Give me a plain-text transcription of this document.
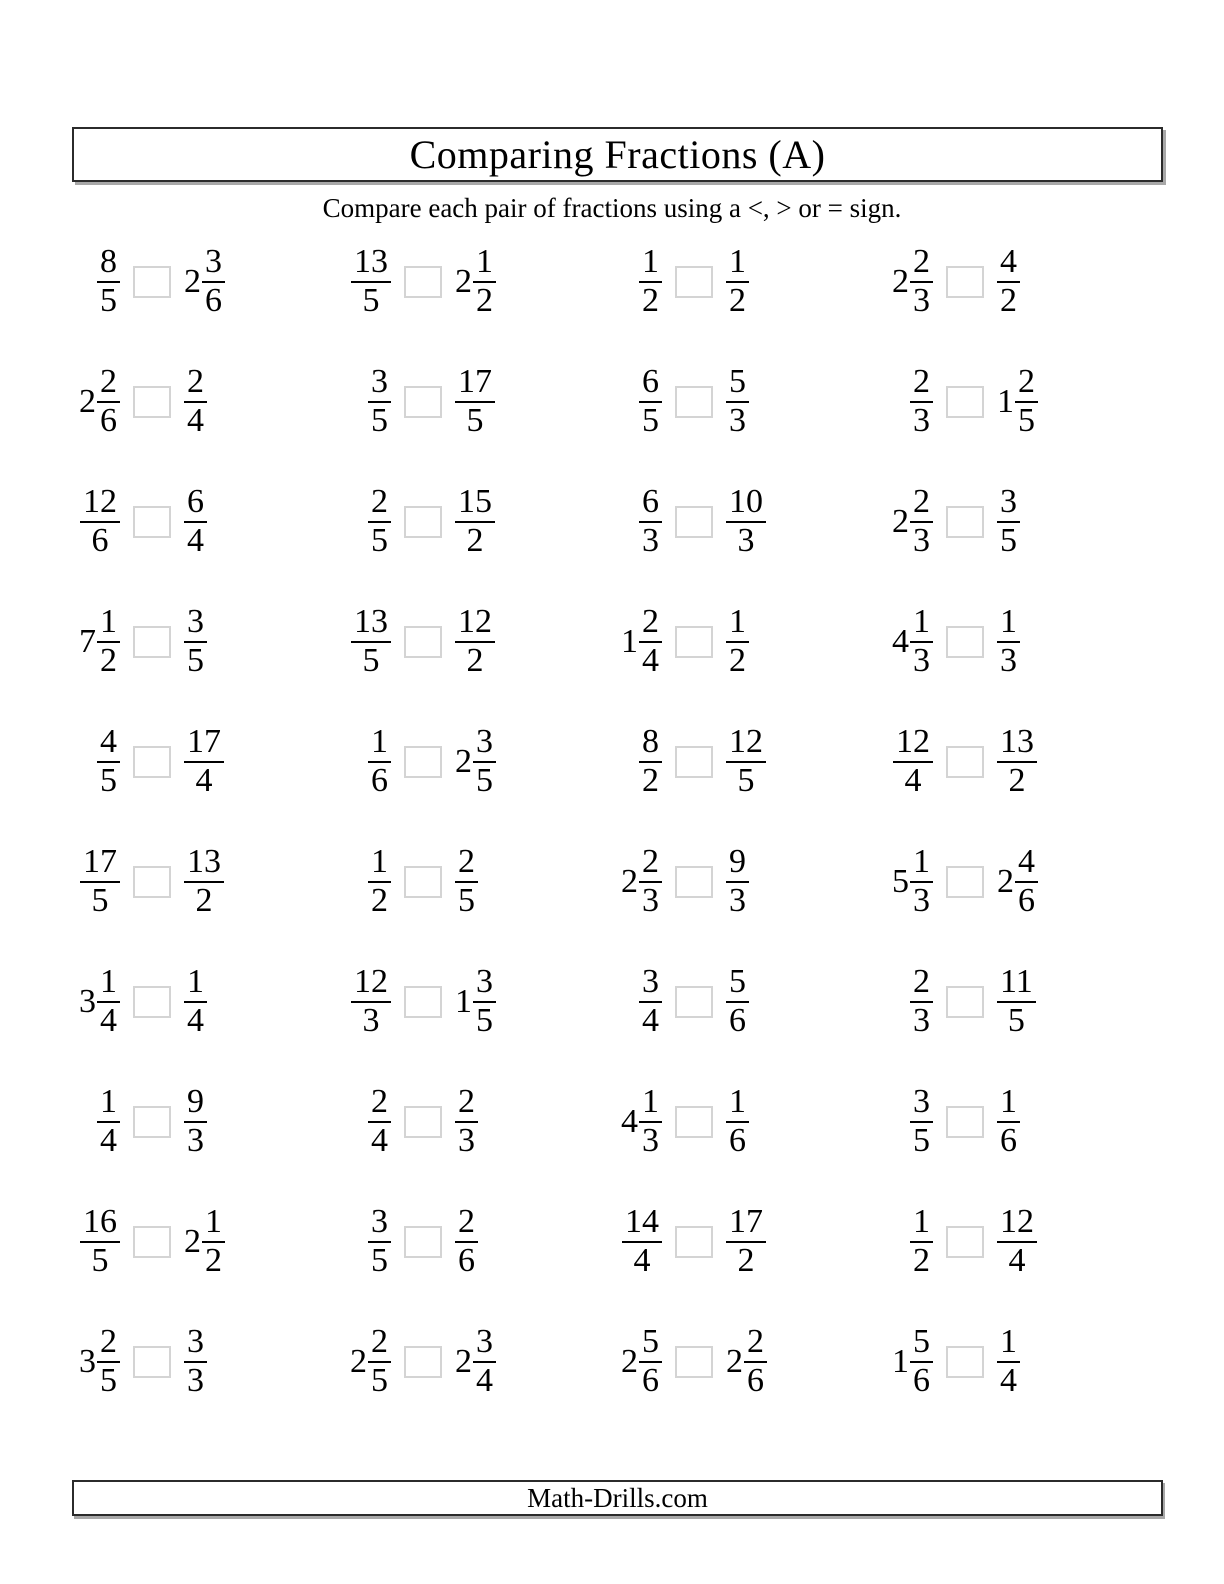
Comparing Fractions (A)

Compare each pair of fractions using a <, > or = sign.

$\frac{8}{5} 2 \frac{3}{6}$	$\frac{13}{5} 2 \frac{1}{2}$	$\frac{1}{2} \frac{1}{2}$	$2 \frac{2}{3} \frac{4}{2}$
$2 \frac{2}{6} \frac{2}{4}$	$\frac{3}{5} \frac{17}{5}$	$\frac{6}{5} \frac{5}{3}$	$\frac{2}{3} 1 \frac{2}{5}$
$\frac{12}{6} \frac{6}{4}$	$\frac{2}{5} \frac{15}{2}$	$\frac{6}{3} \frac{10}{3}$	$2 \frac{2}{3} \frac{3}{5}$
$7 \frac{1}{2} \frac{3}{5}$	$\frac{13}{5} \frac{12}{2}$	$1 \frac{2}{4} \frac{1}{2}$	$4 \frac{1}{3} \frac{1}{3}$
$\frac{4}{5} \frac{17}{4}$	$\frac{1}{6} 2 \frac{3}{5}$	$\frac{8}{2} \frac{12}{5}$	$\frac{12}{4} \frac{13}{2}$
$\frac{17}{5} \frac{13}{2}$	$\frac{1}{2} \frac{2}{5}$	$2 \frac{2}{3} \frac{9}{3}$	$5 \frac{1}{3} 2 \frac{4}{6}$
$3 \frac{1}{4} \frac{1}{4}$	$\frac{12}{3} 1 \frac{3}{5}$	$\frac{3}{4} \frac{5}{6}$	$\frac{2}{3} \frac{11}{5}$
$\frac{1}{4} \frac{9}{3}$	$\frac{2}{4} \frac{2}{3}$	$4 \frac{1}{3} \frac{1}{6}$	$\frac{3}{5} \frac{1}{6}$
$\frac{16}{5} 2 \frac{1}{2}$	$\frac{3}{5} \frac{2}{6}$	$\frac{14}{4} \frac{17}{2}$	$\frac{1}{2} \frac{12}{4}$
$3 \frac{2}{5} \frac{3}{3}$	$2 \frac{2}{5} 2 \frac{3}{4}$	$2 \frac{5}{6} 2 \frac{2}{6}$	$1 \frac{5}{6} \frac{1}{4}$
Math-Drills.com
